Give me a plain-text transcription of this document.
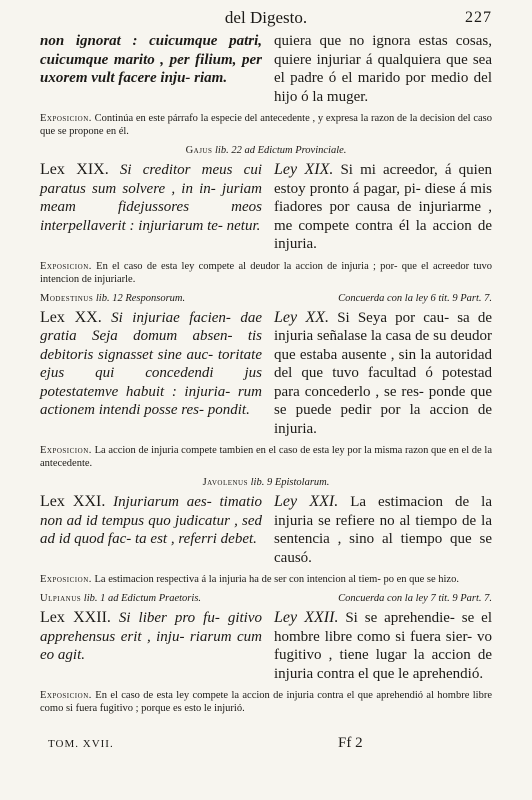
del Digesto.	227
non ignorat : cuicumque patri, cuicumque marito , per filium, per uxorem vult facere inju- riam.
quiera que no ignora estas cosas, quiere injuriar á qualquiera que sea el padre ó el marido por medio del hijo ó la muger.
Exposicion. Continúa en este párrafo la especie del antecedente , y expresa la razon de la decision del caso que se propone en él.
Gajus lib. 22 ad Edictum Provinciale.
Lex XIX. Si creditor meus cui paratus sum solvere , in in- juriam meam fidejussores meos interpellaverit : injuriarum te- netur.
Ley XIX. Si mi acreedor, á quien estoy pronto á pagar, pi- diese á mis fiadores por causa de injuriarme , me compete contra él la accion de injuria.
Exposicion. En el caso de esta ley compete al deudor la accion de injuria ; por- que el acreedor tuvo intencion de injuriarle.
Modestinus lib. 12 Responsorum.	Concuerda con la ley 6 tit. 9 Part. 7.
Lex XX. Si injuriae facien- dae gratia Seja domum absen- tis debitoris signasset sine auc- toritate ejus qui concedendi jus potestatemve habuit : injuria- rum actionem intendi posse res- pondit.
Ley XX. Si Seya por cau- sa de injuria señalase la casa de su deudor que estaba ausente , sin la autoridad del que tuvo facultad ó potestad para concederlo , se res- ponde que se puede pedir por la accion de injuria.
Exposicion. La accion de injuria compete tambien en el caso de esta ley por la misma razon que en el de la antecedente.
Javolenus lib. 9 Epistolarum.
Lex XXI. Injuriarum aes- timatio non ad id tempus quo judicatur , sed ad id quod fac- ta est , referri debet.
Ley XXI. La estimacion de la injuria se refiere no al tiempo de la sentencia , sino al tiempo que se causó.
Exposicion. La estimacion respectiva á la injuria ha de ser con intencion al tiem- po en que se hizo.
Ulpianus lib. 1 ad Edictum Praetoris.	Concuerda con la ley 7 tit. 9 Part. 7.
Lex XXII. Si liber pro fu- gitivo apprehensus erit , inju- riarum cum eo agit.
Ley XXII. Si se aprehendie- se el hombre libre como si fuera sier- vo fugitivo , tiene lugar la accion de injuria contra el que le aprehendió.
Exposicion. En el caso de esta ley compete la accion de injuria contra el que aprehendió al hombre libre como si fuera fugitivo ; porque es esto le injurió.
TOM. XVII.	Ff 2
